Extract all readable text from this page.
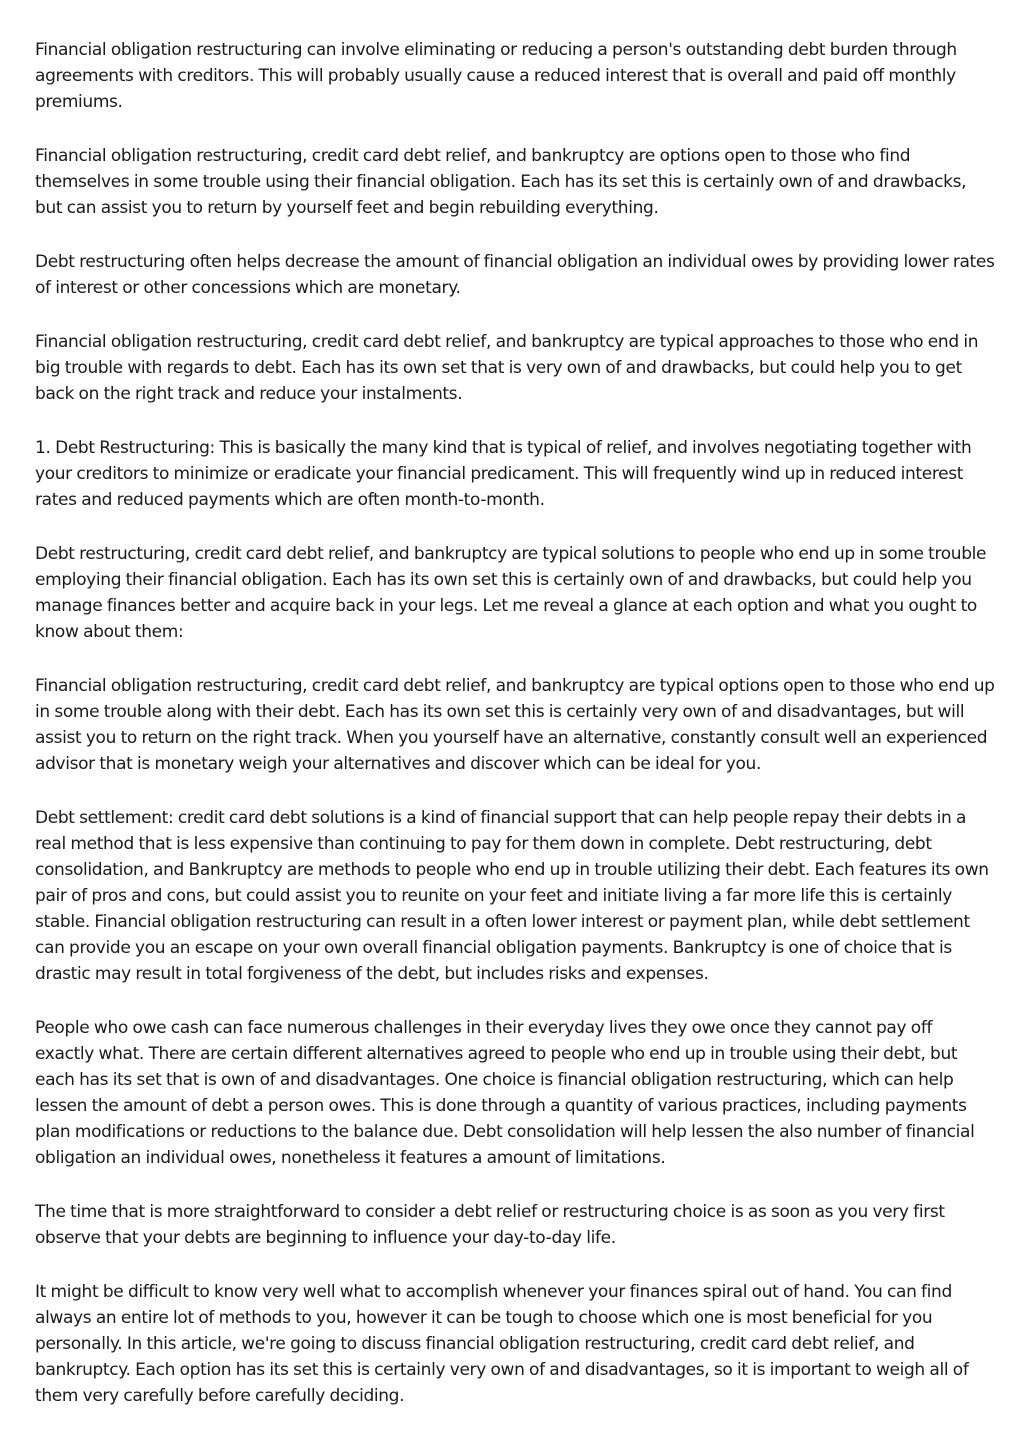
Financial obligation restructuring can involve eliminating or reducing a person's outstanding debt burden through agreements with creditors. This will probably usually cause a reduced interest that is overall and paid off monthly premiums.

Financial obligation restructuring, credit card debt relief, and bankruptcy are options open to those who find themselves in some trouble using their financial obligation. Each has its set this is certainly own of and drawbacks, but can assist you to return by yourself feet and begin rebuilding everything.

Debt restructuring often helps decrease the amount of financial obligation an individual owes by providing lower rates of interest or other concessions which are monetary.

Financial obligation restructuring, credit card debt relief, and bankruptcy are typical approaches to those who end in big trouble with regards to debt. Each has its own set that is very own of and drawbacks, but could help you to get back on the right track and reduce your instalments.

1. Debt Restructuring: This is basically the many kind that is typical of relief, and involves negotiating together with your creditors to minimize or eradicate your financial predicament. This will frequently wind up in reduced interest rates and reduced payments which are often month-to-month.

Debt restructuring, credit card debt relief, and bankruptcy are typical solutions to people who end up in some trouble employing their financial obligation. Each has its own set this is certainly own of and drawbacks, but could help you manage finances better and acquire back in your legs. Let me reveal a glance at each option and what you ought to know about them:

Financial obligation restructuring, credit card debt relief, and bankruptcy are typical options open to those who end up in some trouble along with their debt. Each has its own set this is certainly very own of and disadvantages, but will assist you to return on the right track. When you yourself have an alternative, constantly consult well an experienced advisor that is monetary weigh your alternatives and discover which can be ideal for you.

Debt settlement: credit card debt solutions is a kind of financial support that can help people repay their debts in a real method that is less expensive than continuing to pay for them down in complete. Debt restructuring, debt consolidation, and Bankruptcy are methods to people who end up in trouble utilizing their debt. Each features its own pair of pros and cons, but could assist you to reunite on your feet and initiate living a far more life this is certainly stable. Financial obligation restructuring can result in a often lower interest or payment plan, while debt settlement can provide you an escape on your own overall financial obligation payments. Bankruptcy is one of choice that is drastic may result in total forgiveness of the debt, but includes risks and expenses.

People who owe cash can face numerous challenges in their everyday lives they owe once they cannot pay off exactly what. There are certain different alternatives agreed to people who end up in trouble using their debt, but each has its set that is own of and disadvantages. One choice is financial obligation restructuring, which can help lessen the amount of debt a person owes. This is done through a quantity of various practices, including payments plan modifications or reductions to the balance due. Debt consolidation will help lessen the also number of financial obligation an individual owes, nonetheless it features a amount of limitations.

The time that is more straightforward to consider a debt relief or restructuring choice is as soon as you very first observe that your debts are beginning to influence your day-to-day life.

It might be difficult to know very well what to accomplish whenever your finances spiral out of hand. You can find always an entire lot of methods to you, however it can be tough to choose which one is most beneficial for you personally. In this article, we're going to discuss financial obligation restructuring, credit card debt relief, and bankruptcy. Each option has its set this is certainly very own of and disadvantages, so it is important to weigh all of them very carefully before carefully deciding.
